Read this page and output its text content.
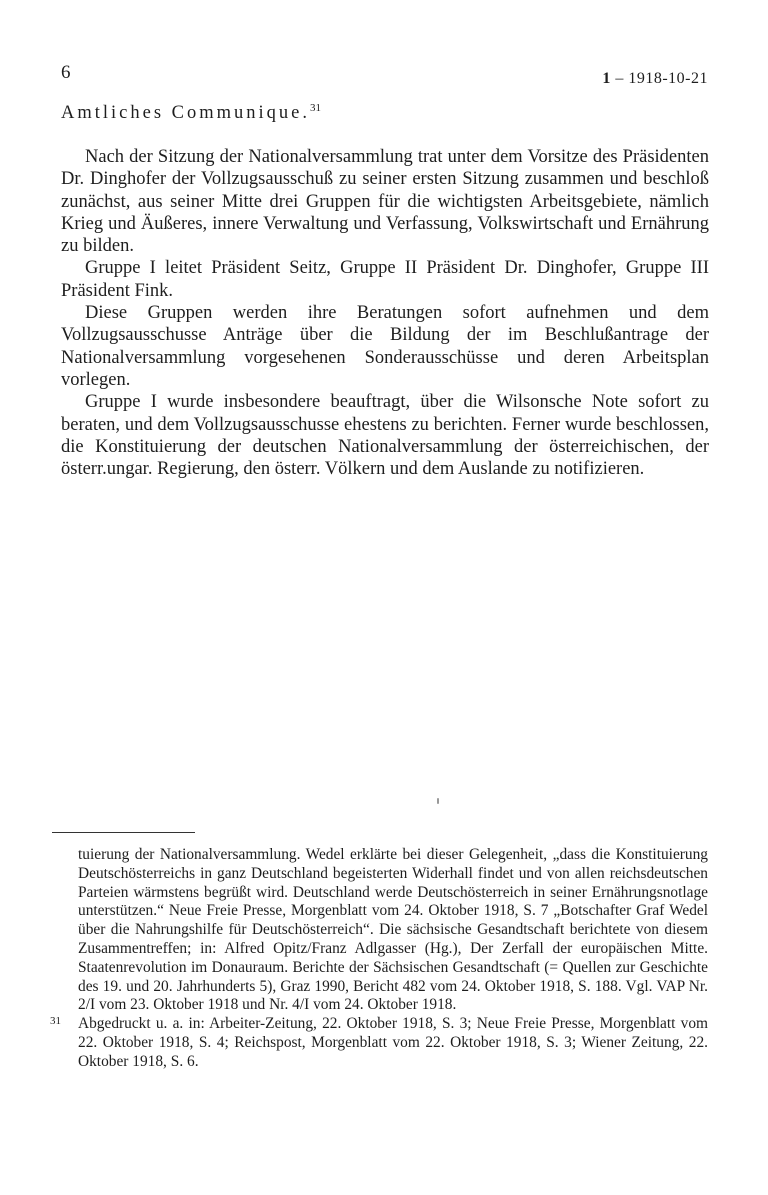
6	1 – 1918-10-21
Amtliches Communique.$^{31}$

Nach der Sitzung der Nationalversammlung trat unter dem Vorsitze des Präsidenten Dr. Dinghofer der Vollzugsausschuß zu seiner ersten Sitzung zusammen und beschloß zunächst, aus seiner Mitte drei Gruppen für die wichtigsten Arbeitsgebiete, nämlich Krieg und Äußeres, innere Verwaltung und Verfassung, Volkswirtschaft und Ernährung zu bilden.

Gruppe I leitet Präsident Seitz, Gruppe II Präsident Dr. Dinghofer, Gruppe III Präsident Fink.

Diese Gruppen werden ihre Beratungen sofort aufnehmen und dem Vollzugsausschusse Anträge über die Bildung der im Beschlußantrage der Nationalversammlung vorgesehenen Sonderausschüsse und deren Arbeitsplan vorlegen.

Gruppe I wurde insbesondere beauftragt, über die Wilsonsche Note sofort zu beraten, und dem Vollzugsausschusse ehestens zu berichten. Ferner wurde beschlossen, die Konstituierung der deutschen Nationalversammlung der österreichischen, der österr.ungar. Regierung, den österr. Völkern und dem Auslande zu notifizieren.

tuierung der Nationalversammlung. Wedel erklärte bei dieser Gelegenheit, „dass die Konstituierung Deutschösterreichs in ganz Deutschland begeisterten Widerhall findet und von allen reichsdeutschen Parteien wärmstens begrüßt wird. Deutschland werde Deutschösterreich in seiner Ernährungsnotlage unterstützen.“ Neue Freie Presse, Morgenblatt vom 24. Oktober 1918, S. 7 „Botschafter Graf Wedel über die Nahrungshilfe für Deutschösterreich“. Die sächsische Gesandtschaft berichtete von diesem Zusammentreffen; in: Alfred Opitz/Franz Adlgasser (Hg.), Der Zerfall der europäischen Mitte. Staatenrevolution im Donauraum. Berichte der Sächsischen Gesandtschaft (= Quellen zur Geschichte des 19. und 20. Jahrhunderts 5), Graz 1990, Bericht 482 vom 24. Oktober 1918, S. 188. Vgl. VAP Nr. 2/I vom 23. Oktober 1918 und Nr. 4/I vom 24. Oktober 1918.

31 Abgedruckt u. a. in: Arbeiter-Zeitung, 22. Oktober 1918, S. 3; Neue Freie Presse, Morgenblatt vom 22. Oktober 1918, S. 4; Reichspost, Morgenblatt vom 22. Oktober 1918, S. 3; Wiener Zeitung, 22. Oktober 1918, S. 6.
